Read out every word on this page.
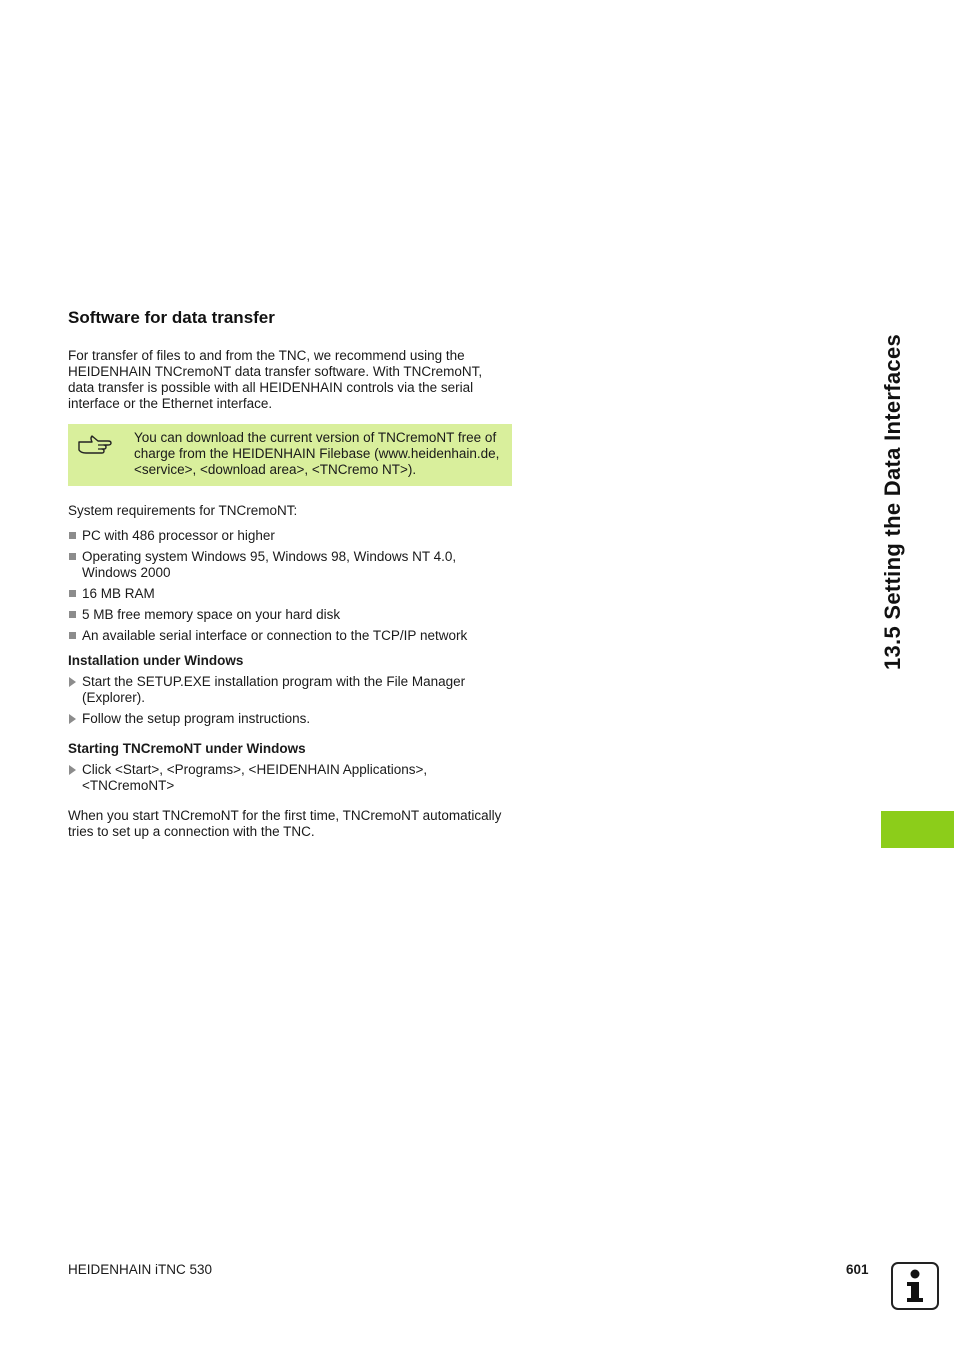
Software for data transfer

For transfer of files to and from the TNC, we recommend using the HEIDENHAIN TNCremoNT data transfer software. With TNCremoNT, data transfer is possible with all HEIDENHAIN controls via the serial interface or the Ethernet interface.

You can download the current version of TNCremoNT free of charge from the HEIDENHAIN Filebase (www.heidenhain.de, <service>, <download area>, <TNCremo NT>).

System requirements for TNCremoNT:

PC with 486 processor or higher
Operating system Windows 95, Windows 98, Windows NT 4.0, Windows 2000
16 MB RAM
5 MB free memory space on your hard disk
An available serial interface or connection to the TCP/IP network
Installation under Windows
Start the SETUP.EXE installation program with the File Manager (Explorer).
Follow the setup program instructions.
Starting TNCremoNT under Windows
Click <Start>, <Programs>, <HEIDENHAIN Applications>, <TNCremoNT>

When you start TNCremoNT for the first time, TNCremoNT automatically tries to set up a connection with the TNC.

13.5 Setting the Data Interfaces
HEIDENHAIN iTNC 530	601
